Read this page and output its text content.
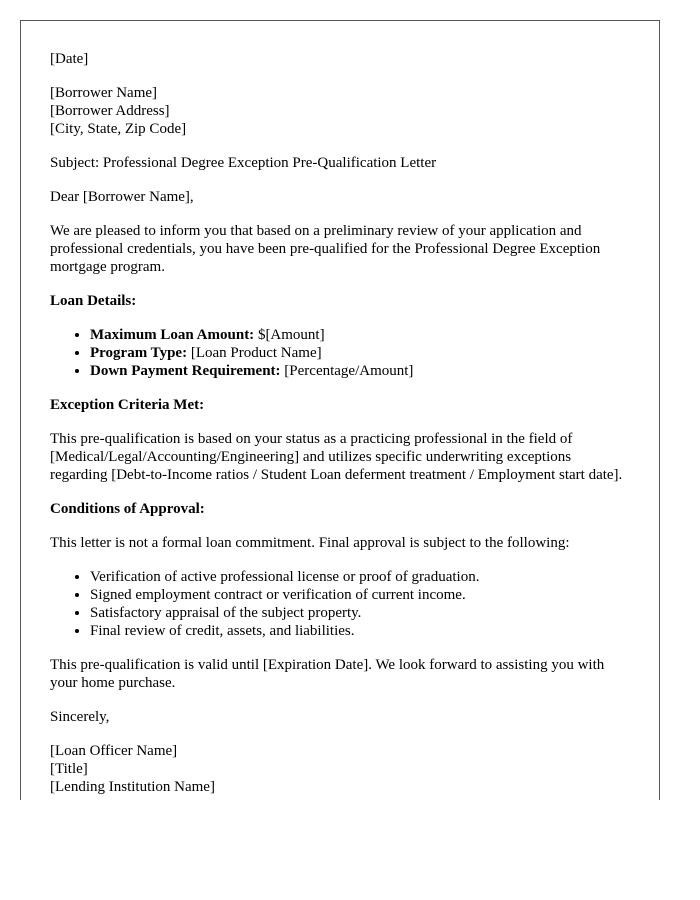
[Date]

[Borrower Name]
[Borrower Address]
[City, State, Zip Code]

Subject: Professional Degree Exception Pre-Qualification Letter

Dear [Borrower Name],

We are pleased to inform you that based on a preliminary review of your application and professional credentials, you have been pre-qualified for the Professional Degree Exception mortgage program.

Loan Details:

• Maximum Loan Amount: $[Amount]
• Program Type: [Loan Product Name]
• Down Payment Requirement: [Percentage/Amount]

Exception Criteria Met:

This pre-qualification is based on your status as a practicing professional in the field of [Medical/Legal/Accounting/Engineering] and utilizes specific underwriting exceptions regarding [Debt-to-Income ratios / Student Loan deferment treatment / Employment start date].

Conditions of Approval:

This letter is not a formal loan commitment. Final approval is subject to the following:

• Verification of active professional license or proof of graduation.
• Signed employment contract or verification of current income.
• Satisfactory appraisal of the subject property.
• Final review of credit, assets, and liabilities.

This pre-qualification is valid until [Expiration Date]. We look forward to assisting you with your home purchase.

Sincerely,

[Loan Officer Name]
[Title]
[Lending Institution Name]
